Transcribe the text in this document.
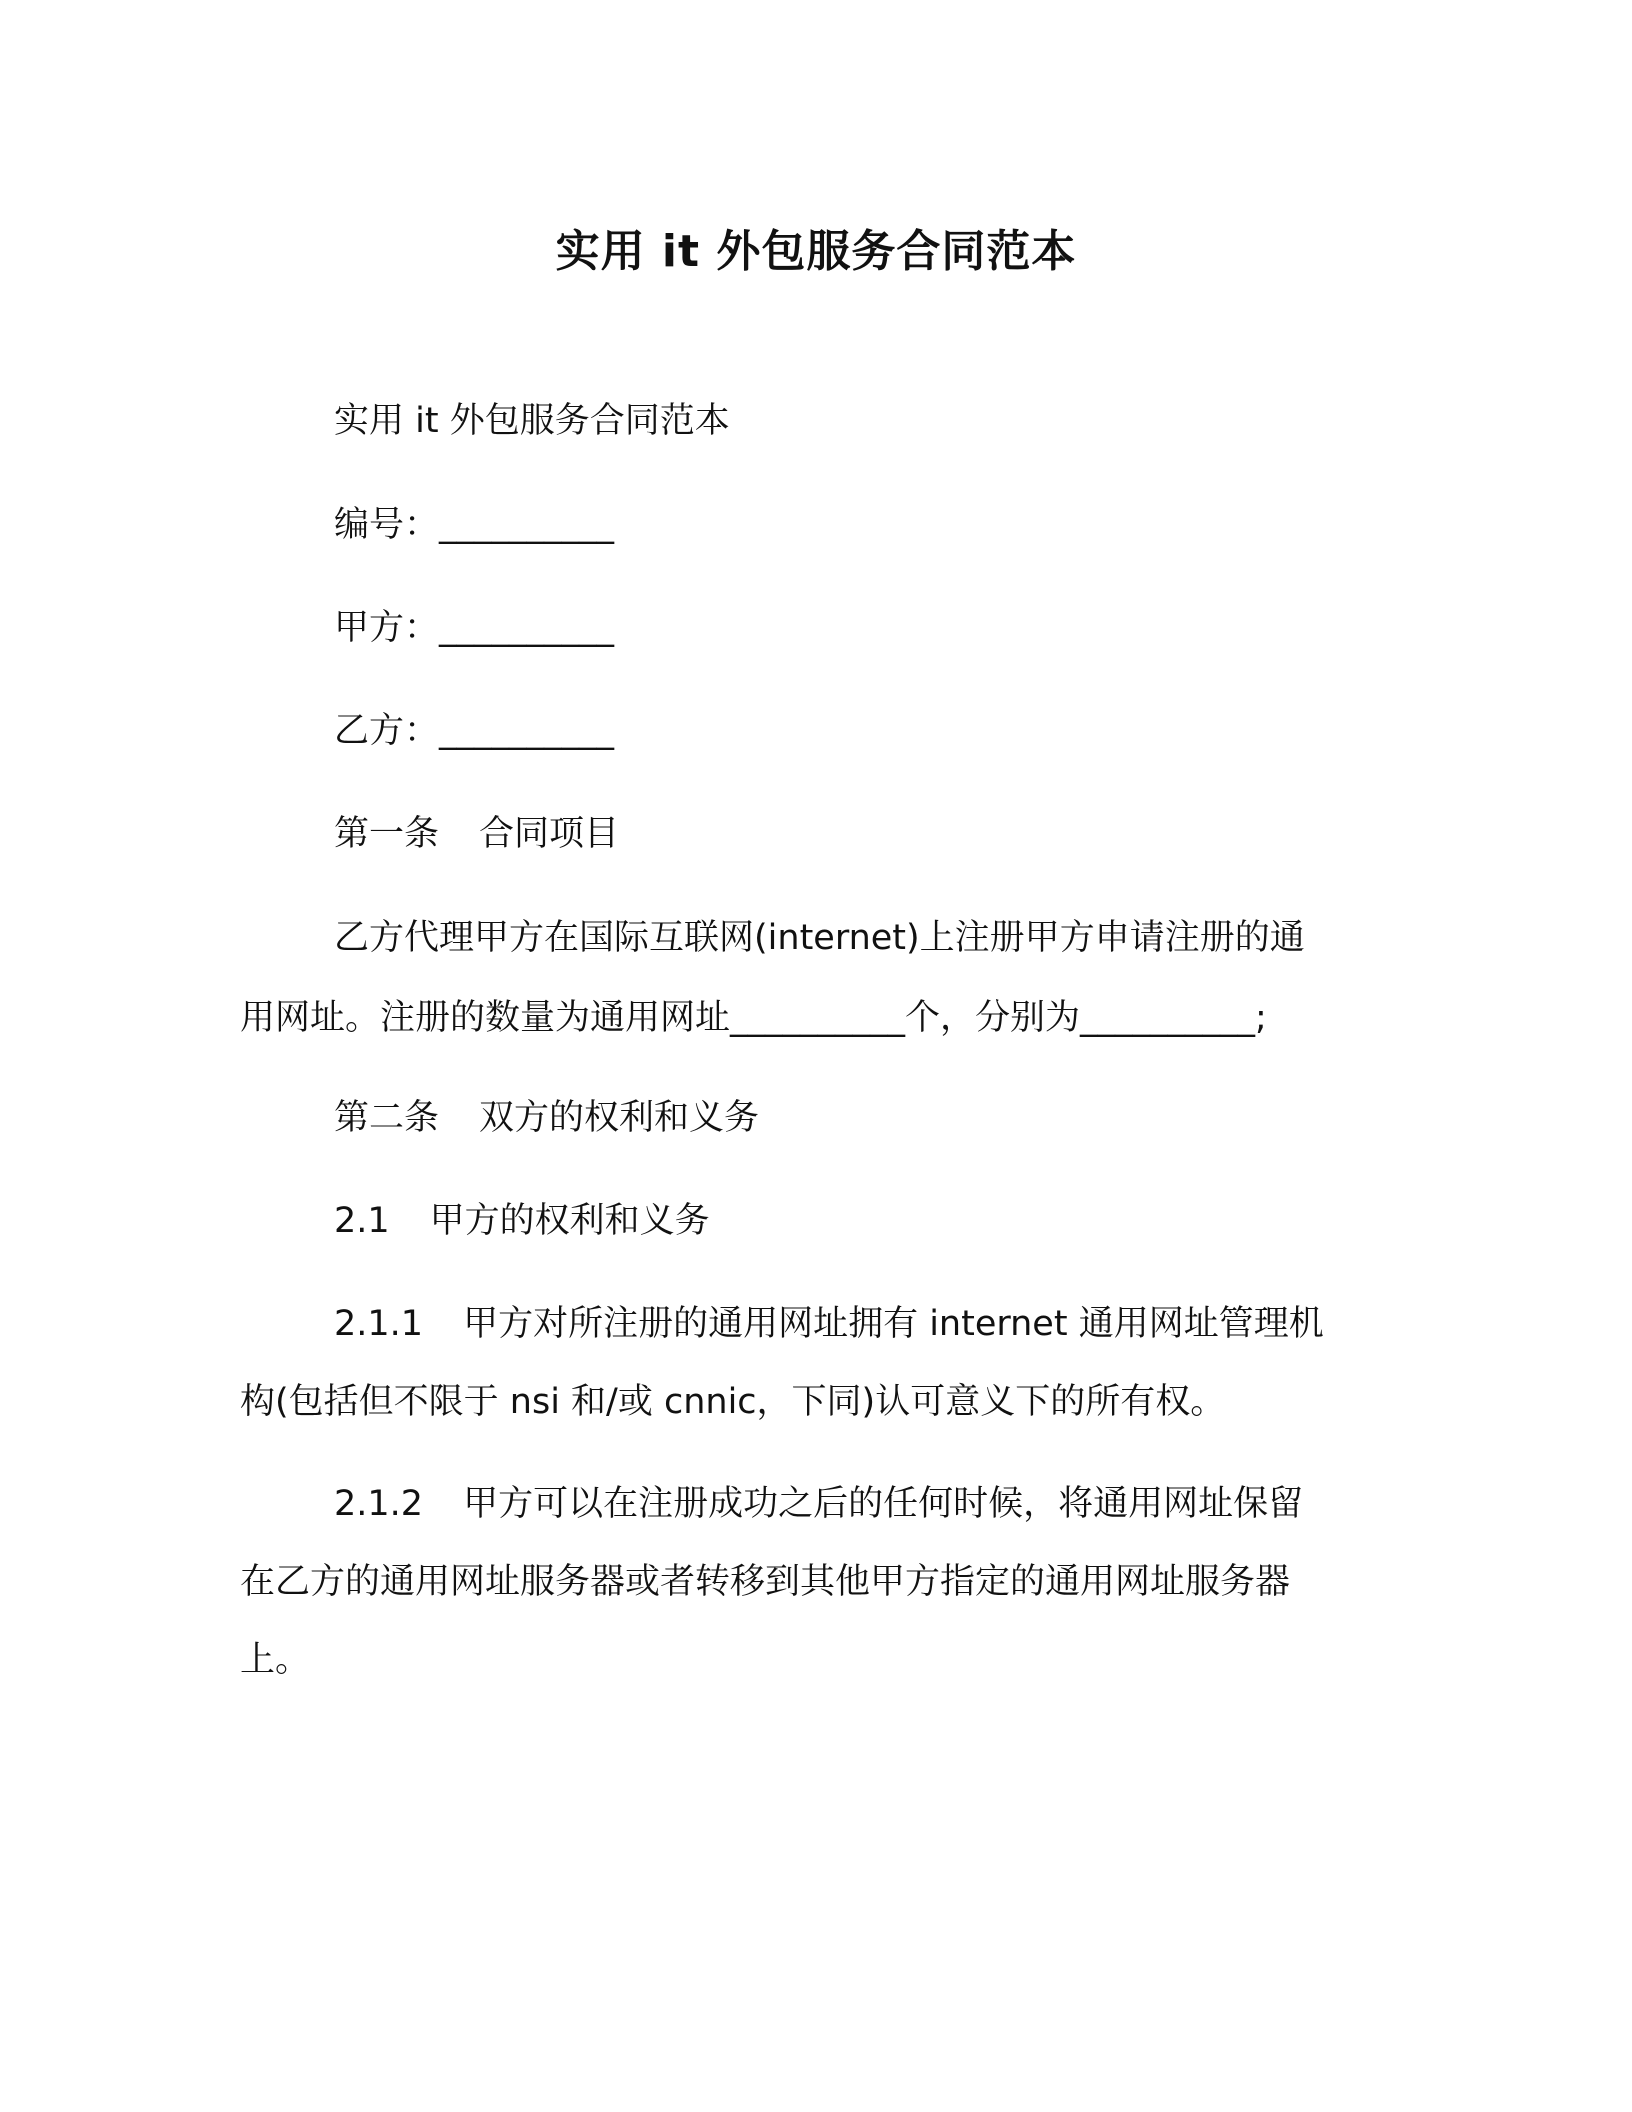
实用 it 外包服务合同范本
实用 it 外包服务合同范本
编号：__________
甲方：__________
乙方：__________
第一条 合同项目
乙方代理甲方在国际互联网(internet)上注册甲方申请注册的通
用网址。注册的数量为通用网址__________个，分别为__________;
第二条 双方的权利和义务
2.1 甲方的权利和义务
2.1.1 甲方对所注册的通用网址拥有 internet 通用网址管理机
构(包括但不限于 nsi 和/或 cnnic，下同)认可意义下的所有权。
2.1.2 甲方可以在注册成功之后的任何时候，将通用网址保留
在乙方的通用网址服务器或者转移到其他甲方指定的通用网址服务器
上。
